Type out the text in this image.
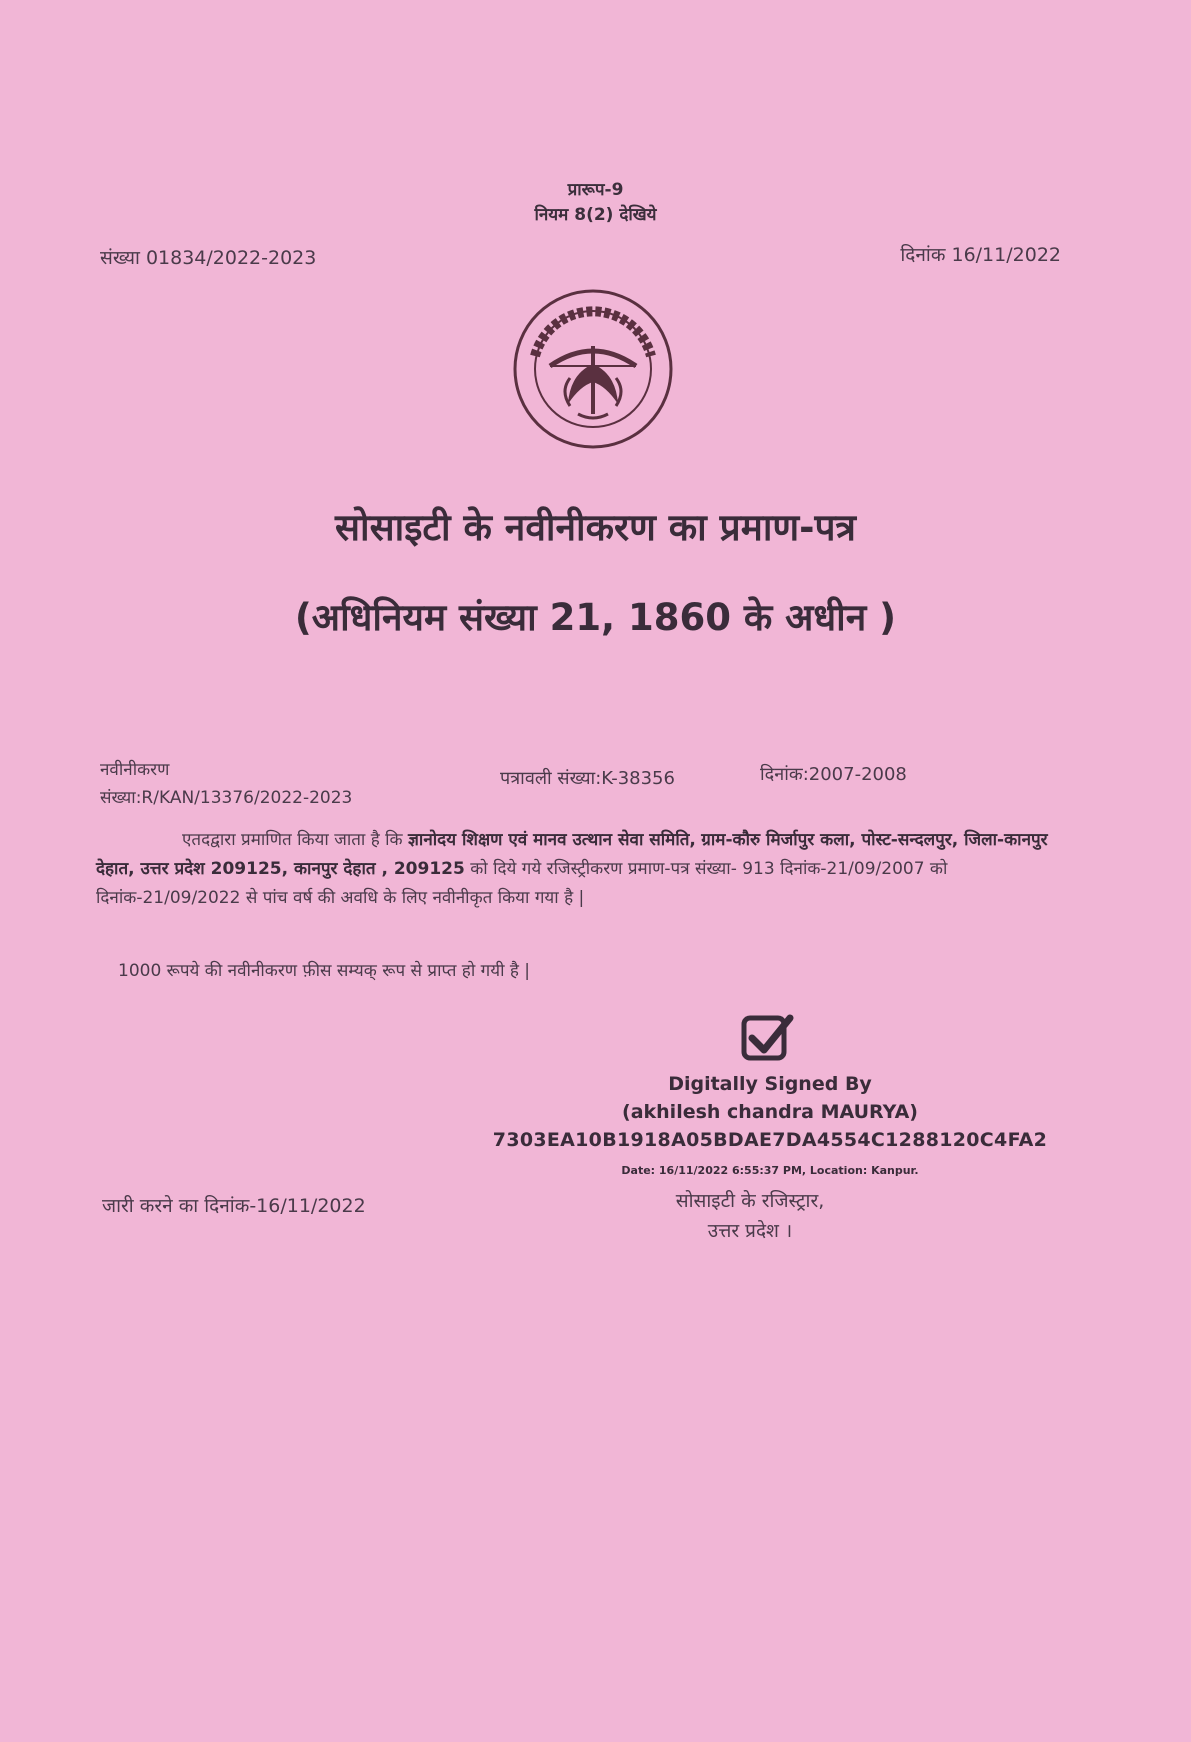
प्रारूप-9
नियम 8(2) देखिये
संख्या 01834/2022-2023	दिनांक 16/11/2022
सोसाइटी के नवीनीकरण का प्रमाण-पत्र
(अधिनियम संख्या 21, 1860 के अधीन )
नवीनीकरण
संख्या:R/KAN/13376/2022-2023
पत्रावली संख्या:K-38356	दिनांक:2007-2008
एतदद्वारा प्रमाणित किया जाता है कि ज्ञानोदय शिक्षण एवं मानव उत्थान सेवा समिति, ग्राम-कौरु मिर्जापुर कला, पोस्ट-सन्दलपुर, जिला-कानपुर देहात, उत्तर प्रदेश 209125, कानपुर देहात , 209125 को दिये गये रजिस्ट्रीकरण प्रमाण-पत्र संख्या- 913 दिनांक-21/09/2007 को दिनांक-21/09/2022 से पांच वर्ष की अवधि के लिए नवीनीकृत किया गया है |
1000 रूपये की नवीनीकरण फ़ीस सम्यक् रूप से प्राप्त हो गयी है |
Digitally Signed By
(akhilesh chandra MAURYA)
7303EA10B1918A05BDAE7DA4554C1288120C4FA2
Date: 16/11/2022 6:55:37 PM, Location: Kanpur.
सोसाइटी के रजिस्ट्रार,
उत्तर प्रदेश ।
जारी करने का दिनांक-16/11/2022
